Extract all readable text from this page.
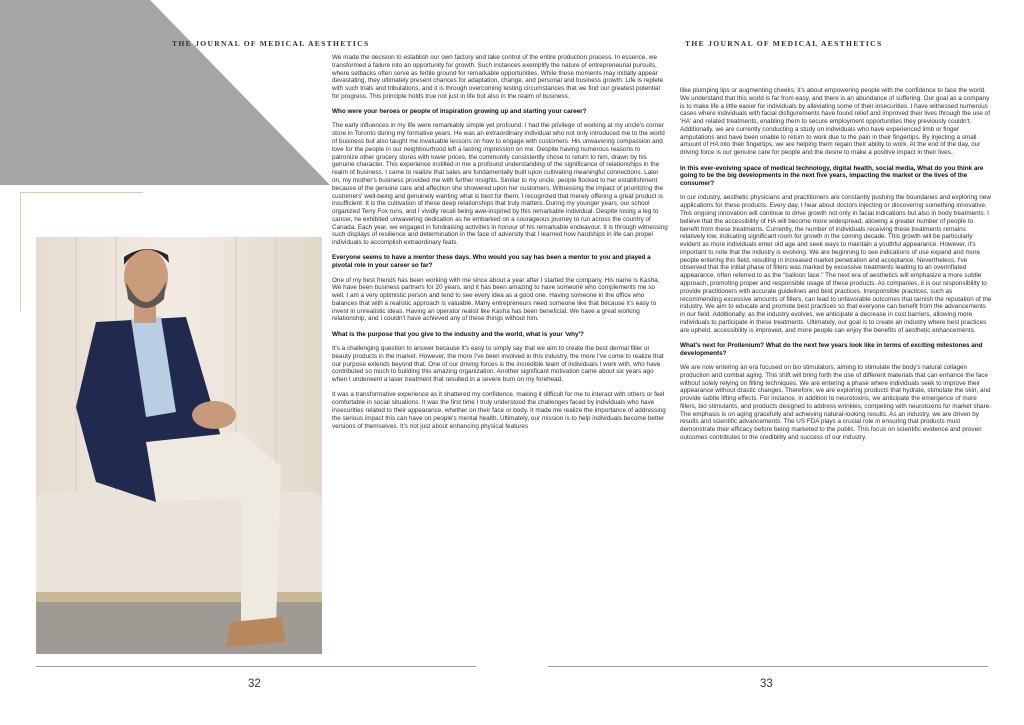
THE JOURNAL OF MEDICAL AESTHETICS	THE JOURNAL OF MEDICAL AESTHETICS

We made the decision to establish our own factory and take control of the entire production process. In essence, we transformed a failure into an opportunity for growth. Such instances exemplify the nature of entrepreneurial pursuits, where setbacks often serve as fertile ground for remarkable opportunities. While these moments may initially appear devastating, they ultimately present chances for adaptation, change, and personal and business growth. Life is replete with such trials and tribulations, and it is through overcoming testing circumstances that we find our greatest potential for progress. This principle holds true not just in life but also in the realm of business.

Who were your heroes or people of inspiration growing up and starting your career?

The early influences in my life were remarkably simple yet profound. I had the privilege of working at my uncle's corner store in Toronto during my formative years. He was an extraordinary individual who not only introduced me to the world of business but also taught me invaluable lessons on how to engage with customers. His unwavering compassion and love for the people in our neighbourhood left a lasting impression on me. Despite having numerous reasons to patronize other grocery stores with lower prices, the community consistently chose to return to him, drawn by his genuine character. This experience instilled in me a profound understanding of the significance of relationships in the realm of business. I came to realize that sales are fundamentally built upon cultivating meaningful connections. Later on, my mother's business provided me with further insights. Similar to my uncle, people flocked to her establishment because of the genuine care and affection she showered upon her customers. Witnessing the impact of prioritizing the customers' well-being and genuinely wanting what is best for them, I recognized that merely offering a great product is insufficient. It is the cultivation of these deep relationships that truly matters. During my younger years, our school organized Terry Fox runs, and I vividly recall being awe-inspired by this remarkable individual. Despite losing a leg to cancer, he exhibited unwavering dedication as he embarked on a courageous journey to run across the country of Canada. Each year, we engaged in fundraising activities in honour of his remarkable endeavour. It is through witnessing such displays of resilience and determination in the face of adversity that I learned how hardships in life can propel individuals to accomplish extraordinary feats.

Everyone seems to have a mentor these days. Who would you say has been a mentor to you and played a pivotal role in your career so far?

One of my best friends has been working with me since about a year after I started the company. His name is Kasha. We have been business partners for 20 years, and it has been amazing to have someone who complements me so well. I am a very optimistic person and tend to see every idea as a good one. Having someone in the office who balances that with a realistic approach is valuable. Many entrepreneurs need someone like that because it's easy to invest in unrealistic ideas. Having an operator realist like Kasha has been beneficial. We have a great working relationship, and I couldn't have achieved any of these things without him.

What is the purpose that you give to the industry and the world, what is your 'why'?

It's a challenging question to answer because it's easy to simply say that we aim to create the best dermal filler or beauty products in the market. However, the more I've been involved in this industry, the more I've come to realize that our purpose extends beyond that. One of our driving forces is the incredible team of individuals I work with, who have contributed so much to building this amazing organization. Another significant motivation came about six years ago when I underwent a laser treatment that resulted in a severe burn on my forehead.

It was a transformative experience as it shattered my confidence, making it difficult for me to interact with others or feel comfortable in social situations. It was the first time I truly understood the challenges faced by individuals who have insecurities related to their appearance, whether on their face or body. It made me realize the importance of addressing the serious impact this can have on people's mental health. Ultimately, our mission is to help individuals become better versions of themselves. It's not just about enhancing physical features

llike plumping lips or augmenting cheeks; it's about empowering people with the confidence to face the world. We understand that this world is far from easy, and there is an abundance of suffering. Our goal as a company is to make life a little easier for individuals by alleviating some of their insecurities. I have witnessed numerous cases where individuals with facial disfigurements have found relief and improved their lives through the use of 'HA' and related treatments, enabling them to secure employment opportunities they previously couldn't. Additionally, we are currently conducting a study on individuals who have experienced limb or finger amputations and have been unable to return to work due to the pain in their fingertips. By injecting a small amount of HA into their fingertips, we are helping them regain their ability to work. At the end of the day, our driving force is our genuine care for people and the desire to make a positive impact in their lives..

In this ever-evolving space of medical technology, digital health, social media, What do you think are going to be the big developments in the next five years, impacting the market or the lives of the consumer?

In our industry, aesthetic physicians and practitioners are constantly pushing the boundaries and exploring new applications for these products. Every day, I hear about doctors injecting or discovering something innovative. This ongoing innovation will continue to drive growth not only in facial indications but also in body treatments. I believe that the accessibility of HA will become more widespread, allowing a greater number of people to benefit from these treatments. Currently, the number of individuals receiving these treatments remains relatively low, indicating significant room for growth in the coming decade. This growth will be particularly evident as more individuals enter old age and seek ways to maintain a youthful appearance. However, it's important to note that the industry is evolving. We are beginning to see indications of use expand and more people entering this field, resulting in increased market penetration and acceptance. Nevertheless, I've observed that the initial phase of fillers was marked by excessive treatments leading to an overinflated appearance, often referred to as the "balloon face." The next era of aesthetics will emphasize a more subtle approach, promoting proper and responsible usage of these products. As companies, it is our responsibility to provide practitioners with accurate guidelines and best practices. Irresponsible practices, such as recommending excessive amounts of fillers, can lead to unfavorable outcomes that tarnish the reputation of the industry. We aim to educate and promote best practices so that everyone can benefit from the advancements in our field. Additionally, as the industry evolves, we anticipate a decrease in cost barriers, allowing more individuals to participate in these treatments. Ultimately, our goal is to create an industry where best practices are upheld, accessibility is improved, and more people can enjoy the benefits of aesthetic enhancements.

What's next for Prollenium? What do the next few years look like in terms of exciting milestones and developments?

We are now entering an era focused on bio stimulators, aiming to stimulate the body's natural collagen production and combat aging. This shift will bring forth the use of different materials that can enhance the face without solely relying on filling techniques. We are entering a phase where individuals seek to improve their appearance without drastic changes. Therefore, we are exploring products that hydrate, stimulate the skin, and provide subtle lifting effects. For instance, in addition to neurotoxins, we anticipate the emergence of more fillers, bio stimulants, and products designed to address wrinkles, competing with neurotoxins for market share. The emphasis is on aging gracefully and achieving natural-looking results. As an industry, we are driven by results and scientific advancements. The US FDA plays a crucial role in ensuring that products must demonstrate their efficacy before being marketed to the public. This focus on scientific evidence and proven outcomes contributes to the credibility and success of our industry.

32	33
